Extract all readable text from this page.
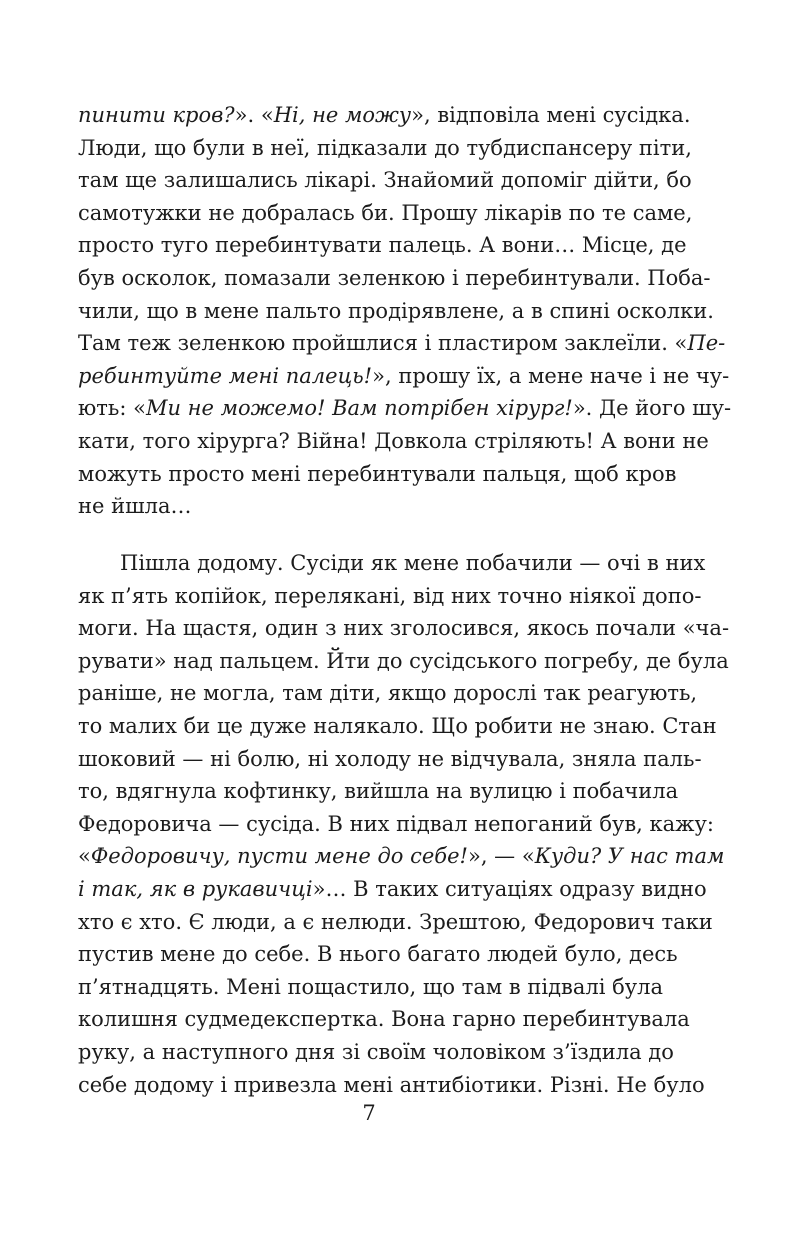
пинити кров?». «Ні, не можу», відповіла мені сусідка.
Люди, що були в неї, підказали до тубдиспансеру піти,
там ще залишались лікарі. Знайомий допоміг дійти, бо
самотужки не добралась би. Прошу лікарів по те саме,
просто туго перебинтувати палець. А вони… Місце, де
був осколок, помазали зеленкою і перебинтували. Поба-
чили, що в мене пальто продірявлене, а в спині осколки.
Там теж зеленкою пройшлися і пластиром заклеїли. «Пе-
ребинтуйте мені палець!», прошу їх, а мене наче і не чу-
ють: «Ми не можемо! Вам потрібен хірург!». Де його шу-
кати, того хірурга? Війна! Довкола стріляють! А вони не
можуть просто мені перебинтували пальця, щоб кров
не йшла…
Пішла додому. Сусіди як мене побачили — очі в них
як п’ять копійок, перелякані, від них точно ніякої допо-
моги. На щастя, один з них зголосився, якось почали «ча-
рувати» над пальцем. Йти до сусідського погребу, де була
раніше, не могла, там діти, якщо дорослі так реагують,
то малих би це дуже налякало. Що робити не знаю. Стан
шоковий — ні болю, ні холоду не відчувала, зняла паль-
то, вдягнула кофтинку, вийшла на вулицю і побачила
Федоровича — сусіда. В них підвал непоганий був, кажу:
«Федоровичу, пусти мене до себе!», — «Куди? У нас там
і так, як в рукавичці»… В таких ситуаціях одразу видно
хто є хто. Є люди, а є нелюди. Зрештою, Федорович таки
пустив мене до себе. В нього багато людей було, десь
п’ятнадцять. Мені пощастило, що там в підвалі була
колишня судмедекспертка. Вона гарно перебинтувала
руку, а наступного дня зі своїм чоловіком з’їздила до
себе додому і привезла мені антибіотики. Різні. Не було
7
